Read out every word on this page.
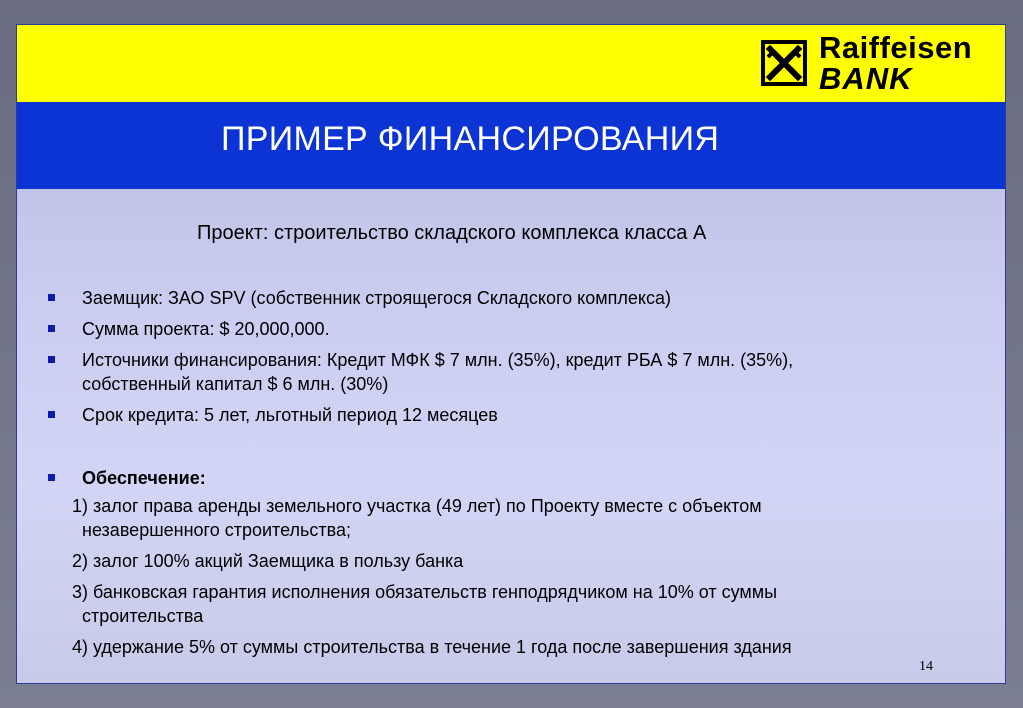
Raiffeisen
BANK
ПРИМЕР ФИНАНСИРОВАНИЯ

Проект: строительство складского комплекса класса А

Заемщик: ЗАО SPV (собственник строящегося Складского комплекса)
Сумма проекта: $ 20,000,000.
Источники финансирования: Кредит МФК $ 7 млн. (35%), кредит РБА $ 7 млн. (35%),
собственный капитал $ 6 млн. (30%)
Срок кредита: 5 лет, льготный период 12 месяцев
Обеспечение:
1) залог права аренды земельного участка (49 лет) по Проекту вместе с объектом
незавершенного строительства;
2) залог 100% акций Заемщика в пользу банка
3) банковская гарантия исполнения обязательств генподрядчиком на 10% от суммы
строительства
4) удержание 5% от суммы строительства в течение 1 года после завершения здания
14
